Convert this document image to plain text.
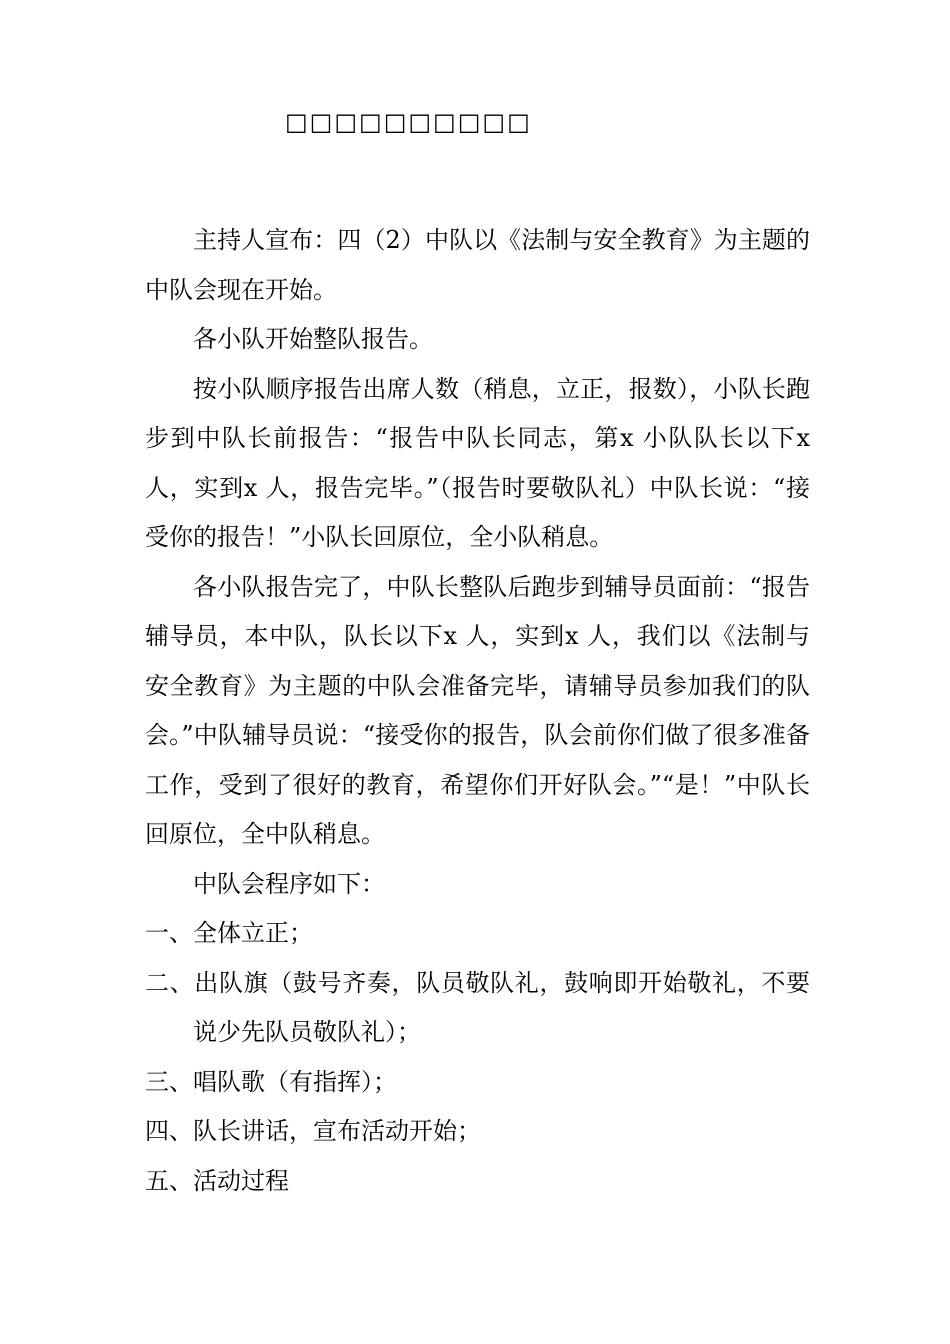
□□□□□□□□□□

主持人宣布：四（2）中队以《法制与安全教育》为主题的中队会现在开始。

各小队开始整队报告。

按小队顺序报告出席人数（稍息，立正，报数），小队长跑步到中队长前报告：“报告中队长同志，第x 小队队长以下x 人，实到x 人，报告完毕。”（报告时要敬队礼）中队长说：“接受你的报告！”小队长回原位，全小队稍息。

各小队报告完了，中队长整队后跑步到辅导员面前：“报告辅导员，本中队，队长以下x 人，实到x 人，我们以《法制与安全教育》为主题的中队会准备完毕，请辅导员参加我们的队会。”中队辅导员说：“接受你的报告，队会前你们做了很多准备工作，受到了很好的教育，希望你们开好队会。”“是！”中队长回原位，全中队稍息。

中队会程序如下：

一、全体立正；

二、出队旗（鼓号齐奏，队员敬队礼，鼓响即开始敬礼，不要说少先队员敬队礼）；

三、唱队歌（有指挥）；

四、队长讲话，宣布活动开始；

五、活动过程
